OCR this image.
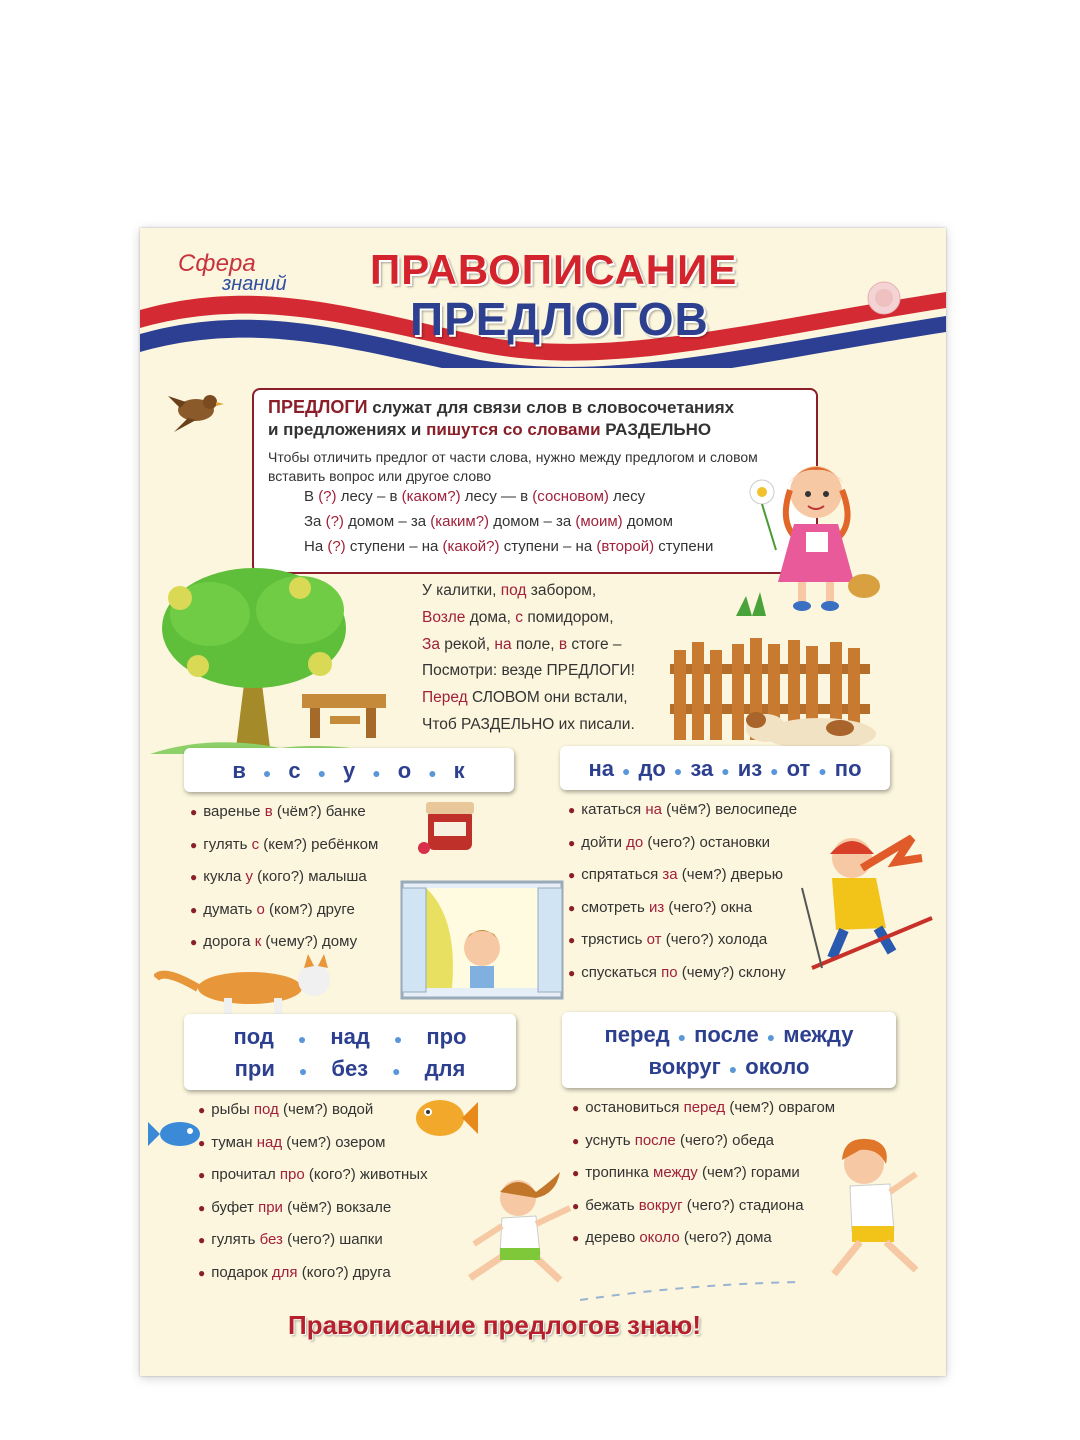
Сфера
знаний ПРАВОПИСАНИЕ
ПРЕДЛОГОВ
ПРЕДЛОГИ служат для связи слов в словосочетаниях
и предложениях и пишутся со словами РАЗДЕЛЬНО
Чтобы отличить предлог от части слова, нужно между предлогом и словом вставить вопрос или другое слово
В (?) лесу – в (каком?) лесу — в (сосновом) лесу
За (?) домом – за (каким?) домом – за (моим) домом
На (?) ступени – на (какой?) ступени – на (второй) ступени
У калитки, под забором,
Возле дома, с помидором,
За рекой, на поле, в стоге –
Посмотри: везде ПРЕДЛОГИ!
Перед СЛОВОМ они встали,
Чтоб РАЗДЕЛЬНО их писали.
в ● с ● у ● о ● к	на ● до ● за ● из ● от ● по
● варенье в (чём?) банке
● гулять с (кем?) ребёнком
● кукла у (кого?) малыша
● думать о (ком?) друге
● дорога к (чему?) дому
● кататься на (чём?) велосипеде
● дойти до (чего?) остановки
● спрятаться за (чем?) дверью
● смотреть из (чего?) окна
● трястись от (чего?) холода
● спускаться по (чему?) склону
под ● над ● про
при ● без ● для
перед ● после ● между
вокруг ● около
● рыбы под (чем?) водой
● туман над (чем?) озером
● прочитал про (кого?) животных
● буфет при (чём?) вокзале
● гулять без (чего?) шапки
● подарок для (кого?) друга
● остановиться перед (чем?) оврагом
● уснуть после (чего?) обеда
● тропинка между (чем?) горами
● бежать вокруг (чего?) стадиона
● дерево около (чего?) дома
Правописание предлогов знаю!
